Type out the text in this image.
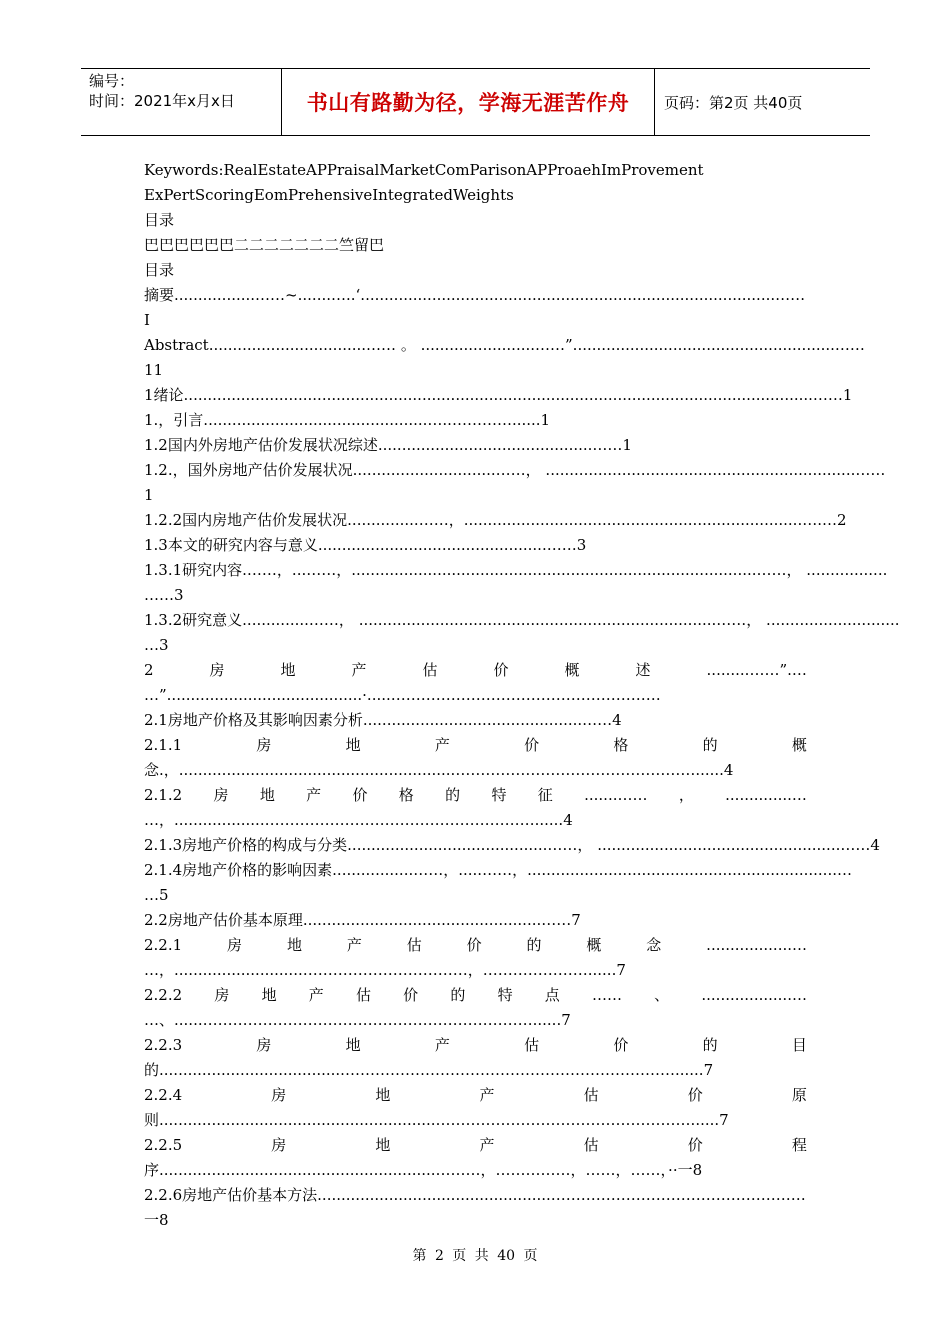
编号：
时间：2021年x月x日	书山有路勤为径，学海无涯苦作舟	页码：第2页 共40页
Keywords:RealEstateAPPraisalMarketComParisonAPProaehImProvement
ExPertScoringEomPrehensiveIntegratedWeights
目录
巴巴巴巴巴巴二二二二二二二竺留巴
目录
摘要.................……~.......…..‘.......................................................................................……
I
Abstract.................................…… 。 ........................……”.......................................................……
11
1绪论....................................................................................................................................……1
1.，引言...............................................…..…………......1
1.2国内外房地产估价发展状况综述.............................................……1
1.2.，国外房地产估价发展状况..............................……， .................................................................……
1
1.2.2国内房地产估价发展状况...............……，.......................................................................….…2
1.3本文的研究内容与意义................................................……3
1.3.1研究内容.……，...……，.....................................................................................……， .................
……3
1.3.2研究意义..............……， ...........................................................................……， ............................
…3
2	房	地	产	估	价	概	述	.........……”.…
…”.........................................·.....………………………………………………
2.1房地产价格及其影响因素分析..............................................……4
2.1.1	房	地	产	价	格	的	概
念.，..........................................................…………………………………………......4
2.1.2 房 地 产 价 格 的 特 征 .......…… ， ..............…
…，...................………………………………………………......4
2.1.3房地产价格的构成与分类..........................................……， ...................................................……4
2.1.4房地产价格的影响因素.................……，.....……，.................................................................…
…5
2.2房地产估价基本原理..................................................……7
2.2.1	房	地	产	估	价	的	概	念	..................…
…，...........................……………………………，…………………......7
2.2.2 房 地 产 估 价 的 特 点 …… 、 ...................…
…、......…………………………………………………………......7
2.2.3	房	地	产	估	价	的	目
的.......................................…………………………………………………………......7
2.2.4	房	地	产	估	价	原
则..........................................................……………………………………………......7
2.2.5	房	地	产	估	价	程
序..........................................................………，……………，……，……，··一8
2.2.6房地产估价基本方法.................................................……………………………………………
一8
第 2 页 共 40 页
